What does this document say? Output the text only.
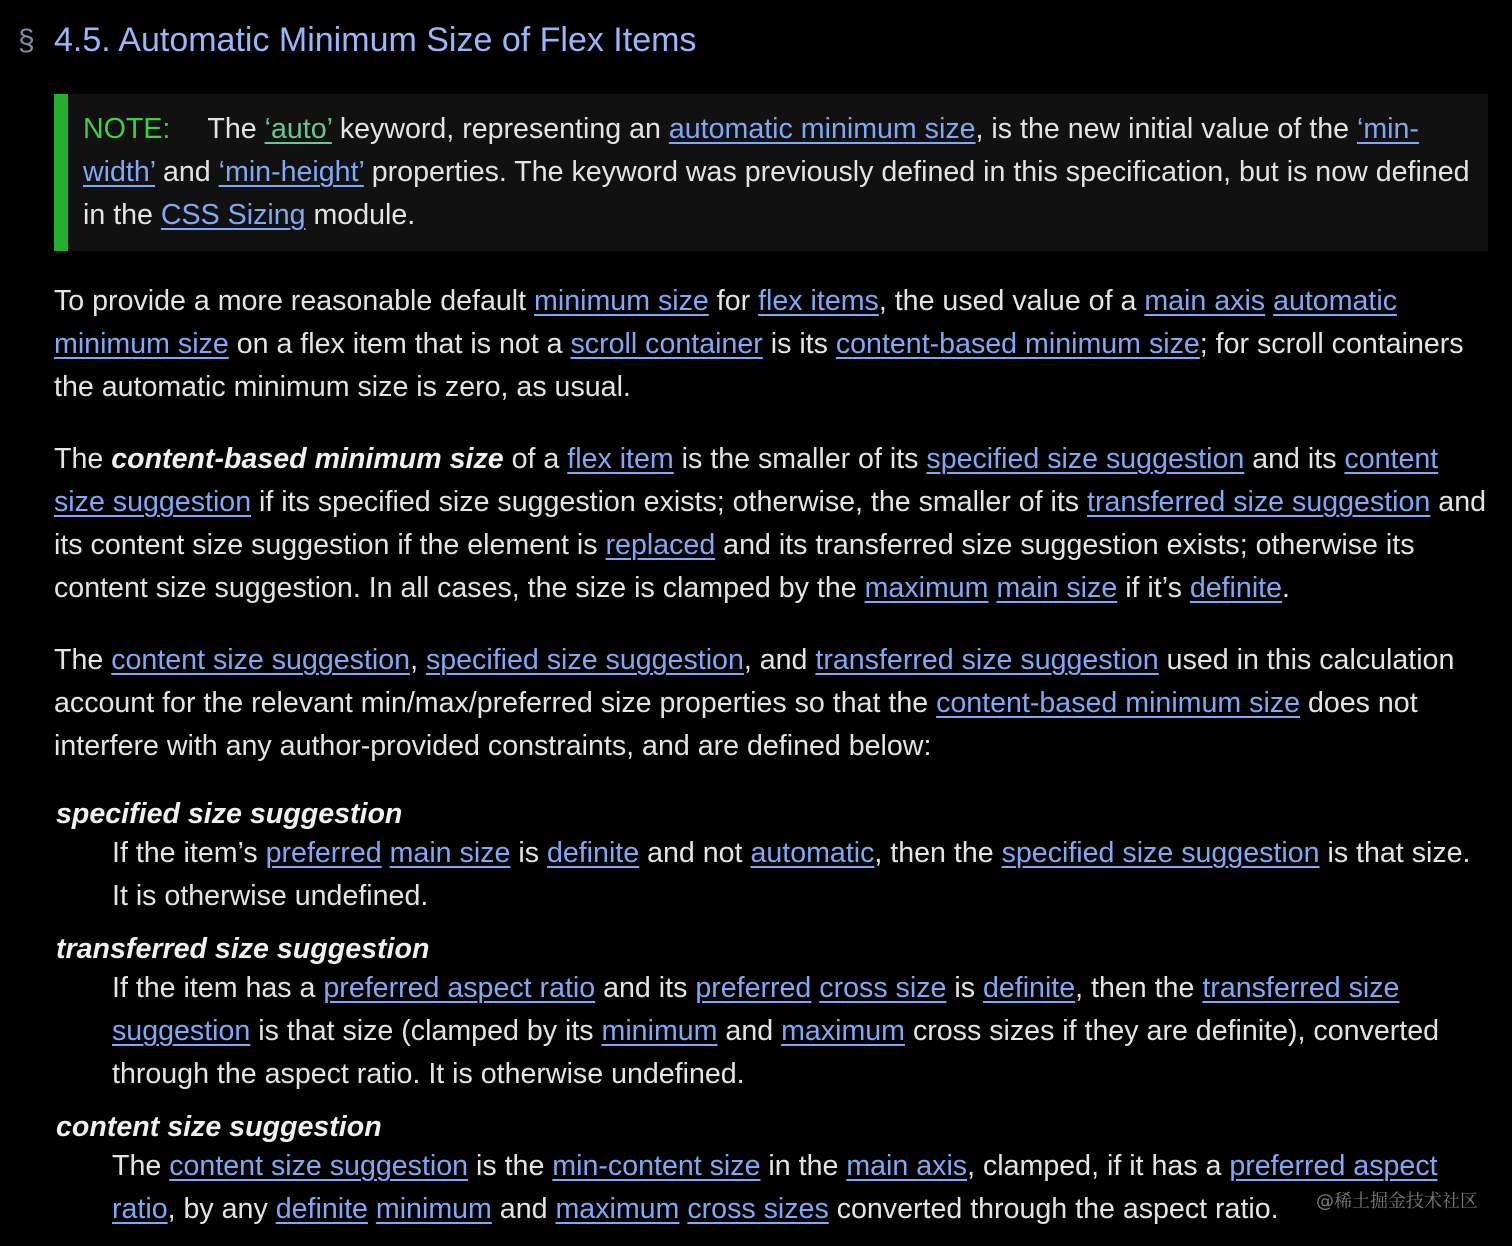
§ 4.5. Automatic Minimum Size of Flex Items
NOTE: The ‘auto’ keyword, representing an automatic minimum size, is the new initial value of the ‘min-width’ and ‘min-height’ properties. The keyword was previously defined in this specification, but is now defined in the CSS Sizing module.

To provide a more reasonable default minimum size for flex items, the used value of a main axis automatic minimum size on a flex item that is not a scroll container is its content-based minimum size; for scroll containers the automatic minimum size is zero, as usual.

The content-based minimum size of a flex item is the smaller of its specified size suggestion and its content size suggestion if its specified size suggestion exists; otherwise, the smaller of its transferred size suggestion and its content size suggestion if the element is replaced and its transferred size suggestion exists; otherwise its content size suggestion. In all cases, the size is clamped by the maximum main size if it’s definite.

The content size suggestion, specified size suggestion, and transferred size suggestion used in this calculation account for the relevant min/max/preferred size properties so that the content-based minimum size does not interfere with any author-provided constraints, and are defined below:

specified size suggestion
If the item’s preferred main size is definite and not automatic, then the specified size suggestion is that size. It is otherwise undefined.
transferred size suggestion
If the item has a preferred aspect ratio and its preferred cross size is definite, then the transferred size suggestion is that size (clamped by its minimum and maximum cross sizes if they are definite), converted through the aspect ratio. It is otherwise undefined.
content size suggestion
The content size suggestion is the min-content size in the main axis, clamped, if it has a preferred aspect ratio, by any definite minimum and maximum cross sizes converted through the aspect ratio.	@稀土掘金技术社区
